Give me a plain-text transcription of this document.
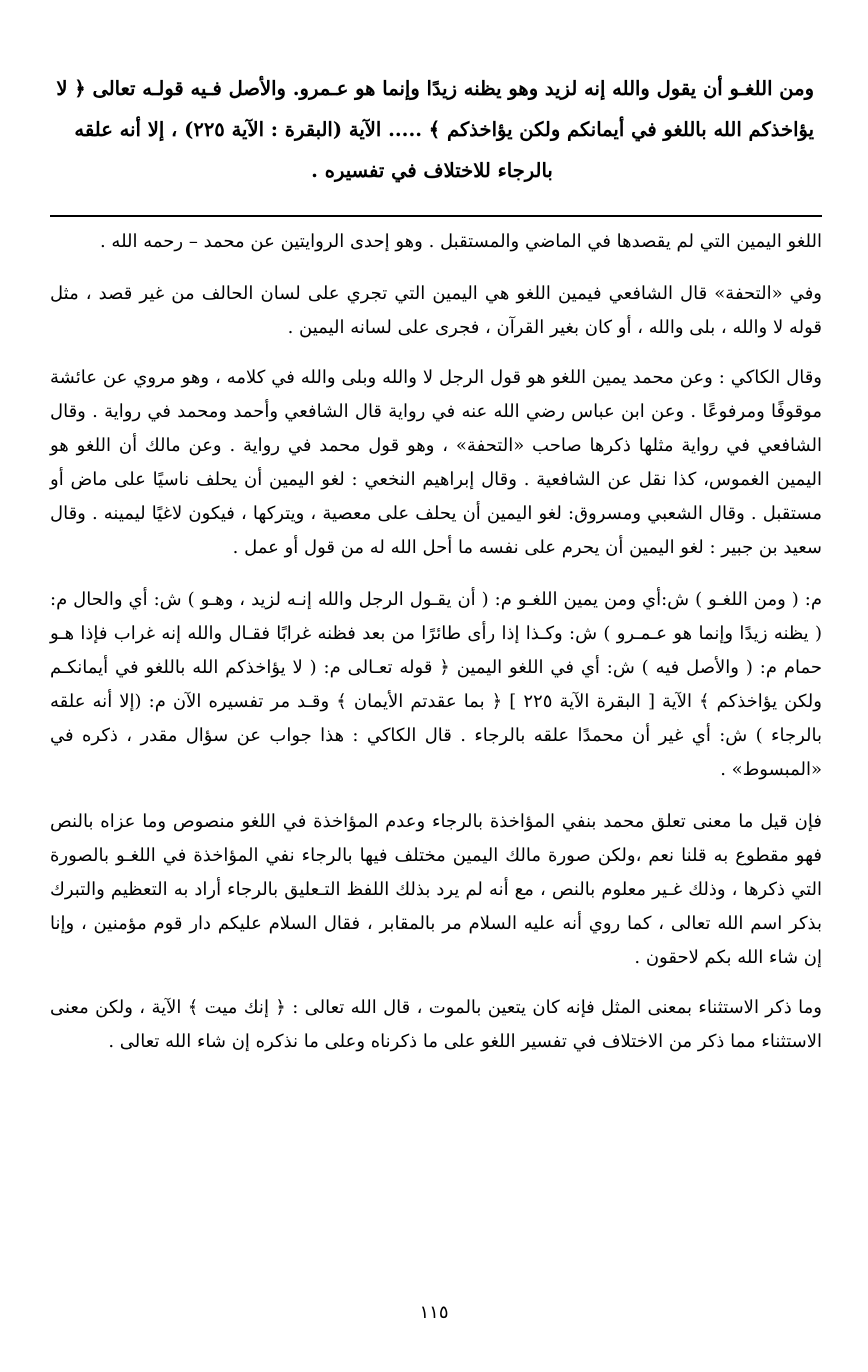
ومن اللغـو أن يقول والله إنه لزيد وهو يظنه زيدًا وإنما هو عـمرو. والأصل فـيه قولـه تعالى ﴿ لا
يؤاخذكم الله باللغو في أيمانكم ولكن يؤاخذكم ﴾ ..... الآية (البقرة : الآية ٢٢٥) ، إلا أنه علقه
بالرجاء للاختلاف في تفسيره .

اللغو اليمين التي لم يقصدها في الماضي والمستقبل . وهو إحدى الروايتين عن محمد – رحمه الله .

وفي «التحفة» قال الشافعي فيمين اللغو هي اليمين التي تجري على لسان الحالف من غير قصد ، مثل قوله لا والله ، بلى والله ، أو كان بغير القرآن ، فجرى على لسانه اليمين .

وقال الكاكي : وعن محمد يمين اللغو هو قول الرجل لا والله وبلى والله في كلامه ، وهو مروي عن عائشة موقوفًا ومرفوعًا . وعن ابن عباس رضي الله عنه في رواية قال الشافعي وأحمد ومحمد في رواية . وقال الشافعي في رواية مثلها ذكرها صاحب «التحفة» ، وهو قول محمد في رواية . وعن مالك أن اللغو هو اليمين الغموس، كذا نقل عن الشافعية . وقال إبراهيم النخعي : لغو اليمين أن يحلف ناسيًا على ماض أو مستقبل . وقال الشعبي ومسروق: لغو اليمين أن يحلف على معصية ، ويتركها ، فيكون لاغيًا ليمينه . وقال سعيد بن جبير : لغو اليمين أن يحرم على نفسه ما أحل الله له من قول أو عمل .

م: ( ومن اللغـو ) ش:أي ومن يمين اللغـو م: ( أن يقـول الرجل والله إنـه لزيد ، وهـو ) ش: أي والحال م: ( يظنه زيدًا وإنما هو عـمـرو ) ش: وكـذا إذا رأى طائرًا من بعد فظنه غرابًا فقـال والله إنه غراب فإذا هـو حمام م: ( والأصل فيه ) ش: أي في اللغو اليمين ﴿ قوله تعـالى م: ( لا يؤاخذكم الله باللغو في أيمانكـم ولكن يؤاخذكم ﴾ الآية [ البقرة الآية ٢٢٥ ] ﴿ بما عقدتم الأيمان ﴾ وقـد مر تفسيره الآن م: (إلا أنه علقه بالرجاء ) ش: أي غير أن محمدًا علقه بالرجاء . قال الكاكي : هذا جواب عن سؤال مقدر ، ذكره في «المبسوط» .

فإن قيل ما معنى تعلق محمد بنفي المؤاخذة بالرجاء وعدم المؤاخذة في اللغو منصوص وما عزاه بالنص فهو مقطوع به قلنا نعم ،ولكن صورة مالك اليمين مختلف فيها بالرجاء نفي المؤاخذة في اللغـو بالصورة التي ذكرها ، وذلك غـير معلوم بالنص ، مع أنه لم يرد بذلك اللفظ التـعليق بالرجاء أراد به التعظيم والتبرك بذكر اسم الله تعالى ، كما روي أنه عليه السلام مر بالمقابر ، فقال السلام عليكم دار قوم مؤمنين ، وإنا إن شاء الله بكم لاحقون .

وما ذكر الاستثناء بمعنى المثل فإنه كان يتعين بالموت ، قال الله تعالى : ﴿ إنك ميت ﴾ الآية ، ولكن معنى الاستثناء مما ذكر من الاختلاف في تفسير اللغو على ما ذكرناه وعلى ما نذكره إن شاء الله تعالى .

١١٥
